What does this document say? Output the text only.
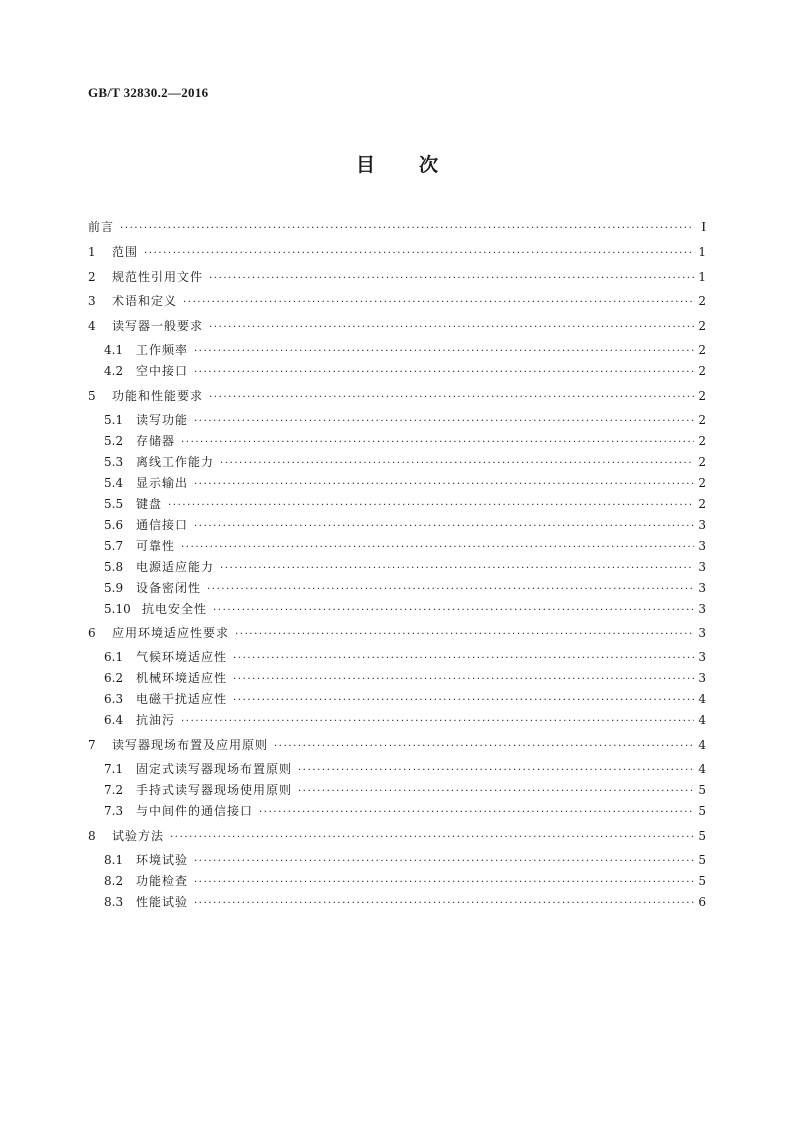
GB/T 32830.2—2016
目 次
前言 ·····	I
1	范围 ·····	1
2	规范性引用文件 ·····	1
3	术语和定义 ·····	2
4	读写器一般要求 ·····	2
4.1	工作频率 ·····	2
4.2	空中接口 ·····	2
5	功能和性能要求 ·····	2
5.1	读写功能 ·····	2
5.2	存储器 ·····	2
5.3	离线工作能力 ·····	2
5.4	显示输出 ·····	2
5.5	键盘 ·····	2
5.6	通信接口 ·····	3
5.7	可靠性 ·····	3
5.8	电源适应能力 ·····	3
5.9	设备密闭性 ·····	3
5.10 抗电安全性 ·····	3
6	应用环境适应性要求 ·····	3
6.1	气候环境适应性 ·····	3
6.2	机械环境适应性 ·····	3
6.3	电磁干扰适应性 ·····	4
6.4	抗油污 ·····	4
7	读写器现场布置及应用原则 ·····	4
7.1	固定式读写器现场布置原则 ·····	4
7.2	手持式读写器现场使用原则 ·····	5
7.3	与中间件的通信接口 ·····	5
8	试验方法 ·····	5
8.1	环境试验 ·····	5
8.2	功能检查 ·····	5
8.3	性能试验 ·····	6
